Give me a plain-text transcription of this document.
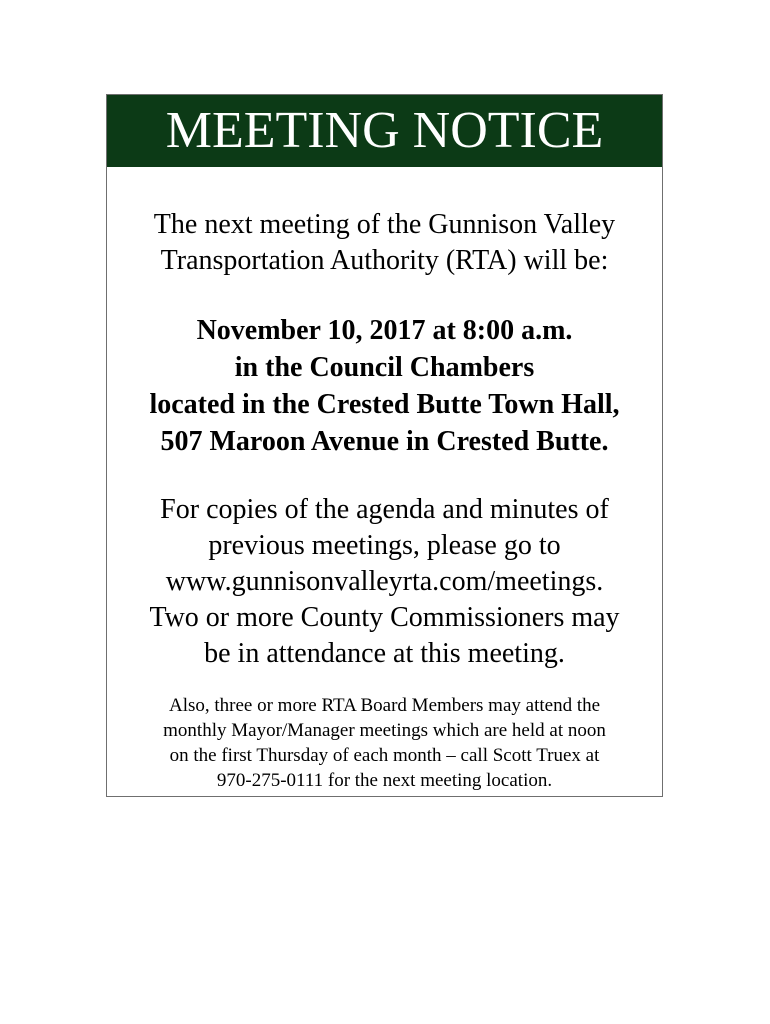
MEETING NOTICE

The next meeting of the Gunnison Valley
Transportation Authority (RTA) will be:

November 10, 2017 at 8:00 a.m.
in the Council Chambers
located in the Crested Butte Town Hall,
507 Maroon Avenue in Crested Butte.

For copies of the agenda and minutes of
previous meetings, please go to
www.gunnisonvalleyrta.com/meetings.
Two or more County Commissioners may
be in attendance at this meeting.

Also, three or more RTA Board Members may attend the
monthly Mayor/Manager meetings which are held at noon
on the first Thursday of each month – call Scott Truex at
970-275-0111 for the next meeting location.
